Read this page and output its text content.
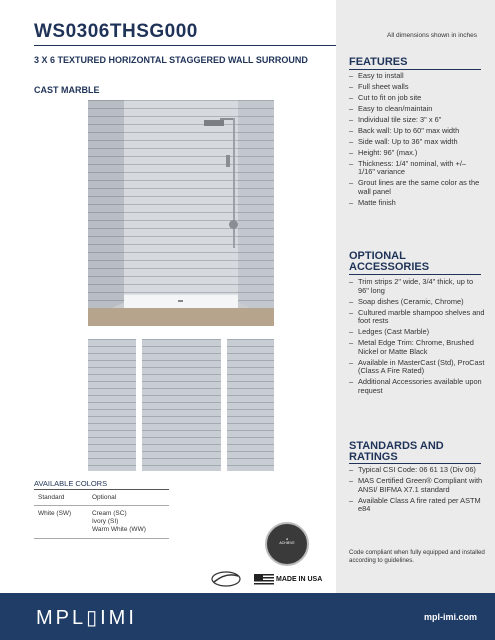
WS0306THSG000	All dimensions shown in inches
3 X 6 TEXTURED HORIZONTAL STAGGERED WALL SURROUND
CAST MARBLE
AVAILABLE COLORS
Standard	Optional
White (SW)	Cream (SC)
Ivory (SI)
Warm White (WW)
●
ACHIEVE
MADE IN USA
FEATURES
– Easy to install
– Full sheet walls
– Cut to fit on job site
– Easy to clean/maintain
– Individual tile size: 3" x 6"
– Back wall: Up to 60" max width
– Side wall: Up to 36" max width
– Height: 96" (max.)
– Thickness: 1/4" nominal, with +/– 1/16" variance
– Grout lines are the same color as the wall panel
– Matte finish
OPTIONAL ACCESSORIES
– Trim strips 2" wide, 3/4" thick, up to 96" long
– Soap dishes (Ceramic, Chrome)
– Cultured marble shampoo shelves and foot rests
– Ledges (Cast Marble)
– Metal Edge Trim: Chrome, Brushed Nickel or Matte Black
– Available in MasterCast (Std), ProCast (Class A Fire Rated)
– Additional Accessories available upon request
STANDARDS AND RATINGS
– Typical CSI Code: 06 61 13 (Div 06)
– MAS Certified Green® Compliant with ANSI/ BIFMA X7.1 standard
– Available Class A fire rated per ASTM e84
Code compliant when fully equipped and installed according to guidelines.
MPL▯IMI	mpl-imi.com
